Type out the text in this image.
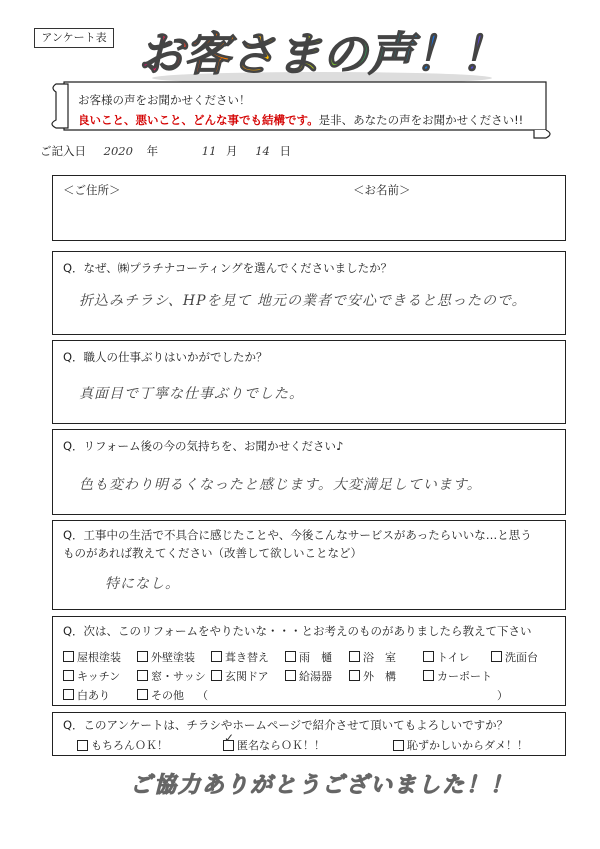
アンケート表 お客さまの声！！
お客様の声をお聞かせください！
良いこと、悪いこと、どんな事でも結構です。是非、あなたの声をお聞かせください!!
ご記入日 2020 年	11 月 14 日
＜ご住所＞	＜お名前＞
Q．なぜ、㈱プラチナコーティングを選んでくださいましたか？
折込みチラシ、HPを見て 地元の業者で安心できると思ったので。
Q．職人の仕事ぶりはいかがでしたか？
真面目で丁寧な仕事ぶりでした。
Q．リフォーム後の今の気持ちを、お聞かせください♪
色も変わり明るくなったと感じます。大変満足しています。
Q．工事中の生活で不具合に感じたことや、今後こんなサービスがあったらいいな…と思う
ものがあれば教えてください（改善して欲しいことなど）
特になし。
Q．次は、このリフォームをやりたいな・・・とお考えのものがありましたら教えて下さい
屋根塗装	外壁塗装	葺き替え	雨　樋	浴　室	トイレ	洗面台
キッチン	窓・サッシ 玄関ドア	給湯器	外　構	カーポート
白あり	その他 （	）
Q．このアンケートは、チラシやホームページで紹介させて頂いてもよろしいですか？
もちろんＯＫ！
✓
匿名ならＯＫ！！	恥ずかしいからダメ！！
ご協力ありがとうございました！！
